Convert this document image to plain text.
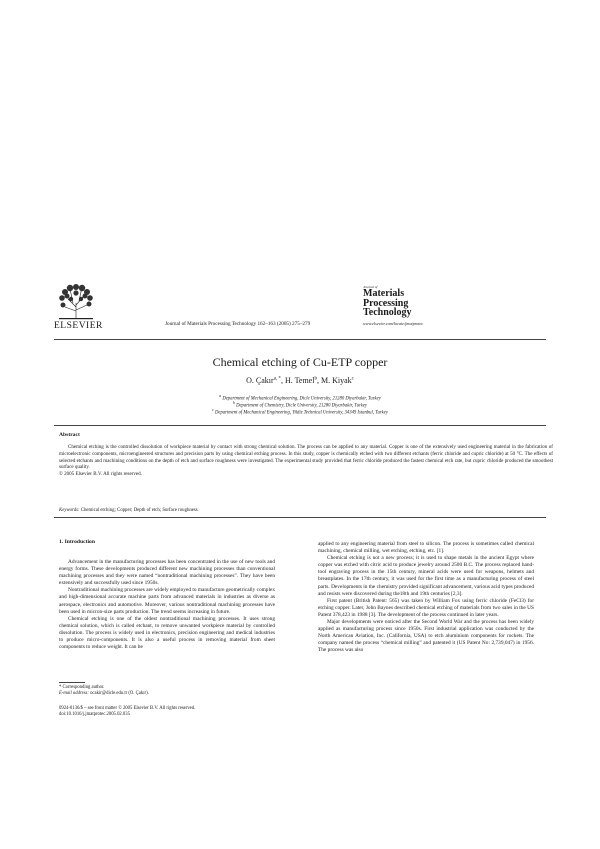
ELSEVIER	Journal of Materials Processing Technology 162–163 (2005) 275–279
Journal of
Materials
Processing
Technology
www.elsevier.com/locate/jmatprotec
Chemical etching of Cu-ETP copper
O. Çakır$^{a, *}$, H. Temel$^b$, M. Kiyak$^c$
$^a$ Department of Mechanical Engineering, Dicle University, 21280 Diyarbakir, Turkey
$^b$ Department of Chemistry, Dicle University, 21280 Diyarbakir, Turkey
$^c$ Department of Mechanical Engineering, Yildiz Technical University, 34349 Istanbul, Turkey
Abstract

Chemical etching is the controlled dissolution of workpiece material by contact with strong chemical solution. The process can be applied to any material. Copper is one of the extensively used engineering material in the fabrication of microelectronic components, microengineered structures and precision parts by using chemical etching process. In this study, copper is chemically etched with two different etchants (ferric chloride and cupric chloride) at 50 °C. The effects of selected etchants and machining conditions on the depth of etch and surface roughness were investigated. The experimental study provided that ferric chloride produced the fastest chemical etch rate, but cupric chloride produced the smoothest surface quality.

© 2005 Elsevier B.V. All rights reserved.

Keywords: Chemical etching; Copper; Depth of etch; Surface roughness
1. Introduction

Advancement in the manufacturing processes has been concentrated in the use of new tools and energy forms. These developments produced different new machining processes than conventional machining processes and they were named “nontraditional machining processes”. They have been extensively and successfully used since 1950s.

Nontraditional machining processes are widely employed to manufacture geometrically complex and high-dimensional accurate machine parts from advanced materials in industries as diverse as aerospace, electronics and automotive. Moreover, various nontraditional machining processes have been used in micron-size parts production. The trend seems increasing in future.

Chemical etching is one of the oldest nontraditional machining processes. It uses strong chemical solution, which is called etchant, to remove unwanted workpiece material by controlled dissolution. The process is widely used in electronics, precision engineering and medical industries to produce micro-components. It is also a useful process in removing material from sheet components to reduce weight. It can be

applied to any engineering material from steel to silicon. The process is sometimes called chemical machining, chemical milling, wet etching, etching, etc. [1].

Chemical etching is not a new process; it is used to shape metals in the ancient Egypt where copper was etched with citric acid to produce jewelry around 2500 B.C. The process replaced hand-tool engraving process in the 15th century, mineral acids were used for weapons, helmets and breastplates. In the 17th century, it was used for the first time as a manufacturing process of steel parts. Developments in the chemistry provided significant advancement, various acid types produced and resists were discovered during the18th and 19th centuries [2,3].

First patent (British Patent: 565) was taken by William Fox using ferric chloride (FeCl3) for etching copper. Later, John Baynes described chemical etching of materials from two sales in the US Patent 378,423 in 1988 [3]. The development of the process continued in later years.

Major developments were noticed after the Second World War and the process has been widely applied as manufacturing process since 1950s. First industrial application was conducted by the North American Aviation, Inc. (California, USA) to etch aluminium components for rockets. The company named the process “chemical milling” and patented it (US Patent No: 2,739,047) in 1956. The process was also

* Corresponding author.
E-mail address: ocakir@dicle.edu.tr (O. Çakır).
0924-0136/$ – see front matter © 2005 Elsevier B.V. All rights reserved.
doi:10.1016/j.jmatprotec.2005.02.035
